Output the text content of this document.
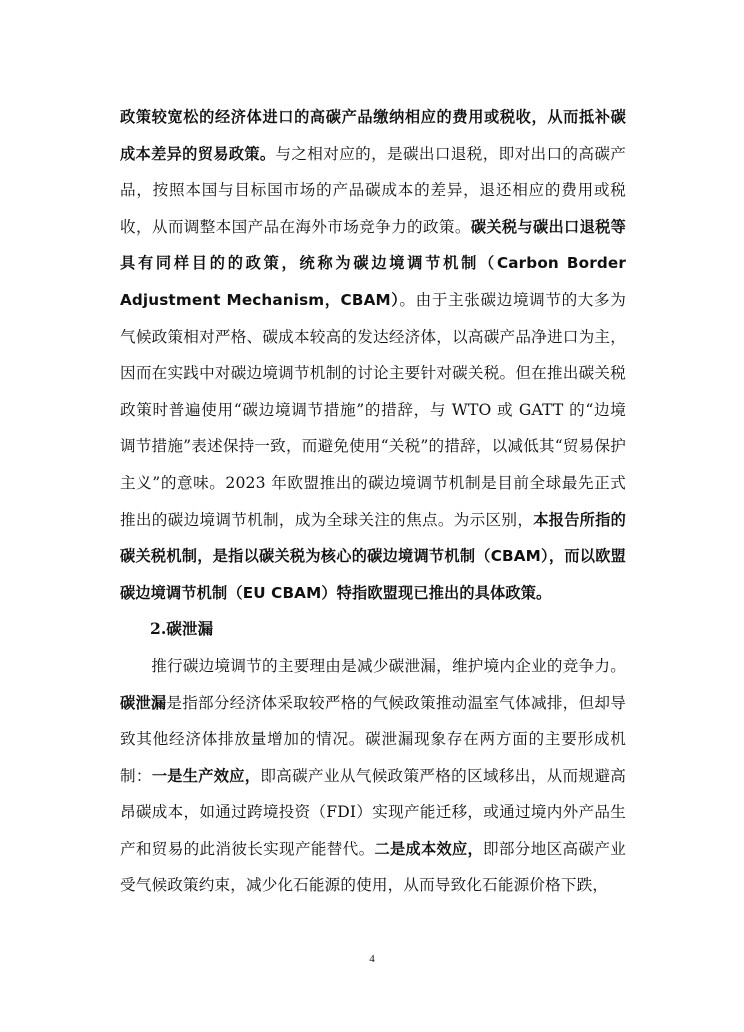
政策较宽松的经济体进口的高碳产品缴纳相应的费用或税收，从而抵补碳成本差异的贸易政策。与之相对应的，是碳出口退税，即对出口的高碳产品，按照本国与目标国市场的产品碳成本的差异，退还相应的费用或税收，从而调整本国产品在海外市场竞争力的政策。碳关税与碳出口退税等具有同样目的的政策，统称为碳边境调节机制（Carbon Border Adjustment Mechanism，CBAM）。由于主张碳边境调节的大多为气候政策相对严格、碳成本较高的发达经济体，以高碳产品净进口为主，因而在实践中对碳边境调节机制的讨论主要针对碳关税。但在推出碳关税政策时普遍使用“碳边境调节措施”的措辞，与 WTO 或 GATT 的“边境调节措施”表述保持一致，而避免使用“关税”的措辞，以减低其“贸易保护主义”的意味。2023 年欧盟推出的碳边境调节机制是目前全球最先正式推出的碳边境调节机制，成为全球关注的焦点。为示区别，本报告所指的碳关税机制，是指以碳关税为核心的碳边境调节机制（CBAM），而以欧盟碳边境调节机制（EU CBAM）特指欧盟现已推出的具体政策。

2.碳泄漏

推行碳边境调节的主要理由是减少碳泄漏，维护境内企业的竞争力。碳泄漏是指部分经济体采取较严格的气候政策推动温室气体减排，但却导致其他经济体排放量增加的情况。碳泄漏现象存在两方面的主要形成机制：一是生产效应，即高碳产业从气候政策严格的区域移出，从而规避高昂碳成本，如通过跨境投资（FDI）实现产能迁移，或通过境内外产品生产和贸易的此消彼长实现产能替代。二是成本效应，即部分地区高碳产业受气候政策约束，减少化石能源的使用，从而导致化石能源价格下跌，

4
